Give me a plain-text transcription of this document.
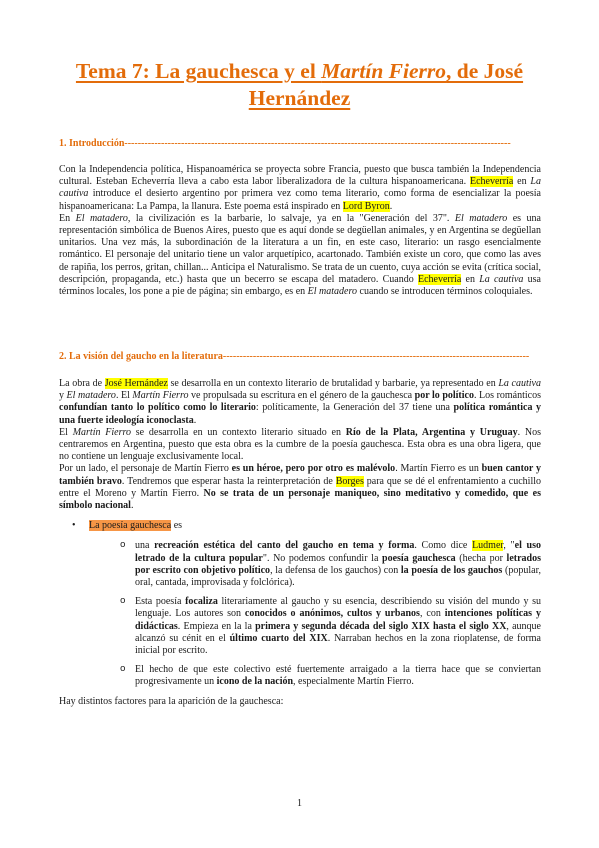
Tema 7: La gauchesca y el Martín Fierro, de José Hernández
1. Introducción--------------------------------------------------------------------------------------------------------------------

Con la Independencia política, Hispanoamérica se proyecta sobre Francia, puesto que busca también la Independencia cultural. Esteban Echeverría lleva a cabo esta labor liberalizadora de la cultura hispanoamericana. Echeverría en La cautiva introduce el desierto argentino por primera vez como tema literario, como forma de esencializar la poesía hispanoamericana: La Pampa, la llanura. Este poema está inspirado en Lord Byron.

En El matadero, la civilización es la barbarie, lo salvaje, ya en la "Generación del 37". El matadero es una representación simbólica de Buenos Aires, puesto que es aquí donde se degüellan animales, y en Argentina se degüellan unitarios. Una vez más, la subordinación de la literatura a un fin, en este caso, literario: un rasgo esencialmente romántico. El personaje del unitario tiene un valor arquetípico, acartonado. También existe un coro, que como las aves de rapiña, los perros, gritan, chillan... Anticipa el Naturalismo. Se trata de un cuento, cuya acción se evita (crítica social, descripción, propaganda, etc.) hasta que un becerro se escapa del matadero. Cuando Echeverría en La cautiva usa términos locales, los pone a pie de página; sin embargo, es en El matadero cuando se introducen términos coloquiales.

2. La visión del gaucho en la literatura--------------------------------------------------------------------------------------------

La obra de José Hernández se desarrolla en un contexto literario de brutalidad y barbarie, ya representado en La cautiva y El matadero. El Martín Fierro ve propulsada su escritura en el género de la gauchesca por lo político. Los románticos confundían tanto lo político como lo literario: políticamente, la Generación del 37 tiene una política romántica y una fuerte ideología iconoclasta.

El Martín Fierro se desarrolla en un contexto literario situado en Río de la Plata, Argentina y Uruguay. Nos centraremos en Argentina, puesto que esta obra es la cumbre de la poesía gauchesca. Esta obra es una obra ligera, que no contiene un lenguaje exclusivamente local.

Por un lado, el personaje de Martín Fierro es un héroe, pero por otro es malévolo. Martín Fierro es un buen cantor y también bravo. Tendremos que esperar hasta la reinterpretación de Borges para que se dé el enfrentamiento a cuchillo entre el Moreno y Martín Fierro. No se trata de un personaje maniqueo, sino meditativo y comedido, que es símbolo nacional.

• La poesía gauchesca es
o una recreación estética del canto del gaucho en tema y forma. Como dice Ludmer, "el uso letrado de la cultura popular". No podemos confundir la poesía gauchesca (hecha por letrados por escrito con objetivo político, la defensa de los gauchos) con la poesía de los gauchos (popular, oral, cantada, improvisada y folclórica).
o Esta poesía focaliza literariamente al gaucho y su esencia, describiendo su visión del mundo y su lenguaje. Los autores son conocidos o anónimos, cultos y urbanos, con intenciones políticas y didácticas. Empieza en la la primera y segunda década del siglo XIX hasta el siglo XX, aunque alcanzó su cénit en el último cuarto del XIX. Narraban hechos en la zona rioplatense, de forma inicial por escrito.
o El hecho de que este colectivo esté fuertemente arraigado a la tierra hace que se conviertan progresivamente un icono de la nación, especialmente Martín Fierro.

Hay distintos factores para la aparición de la gauchesca:

1
